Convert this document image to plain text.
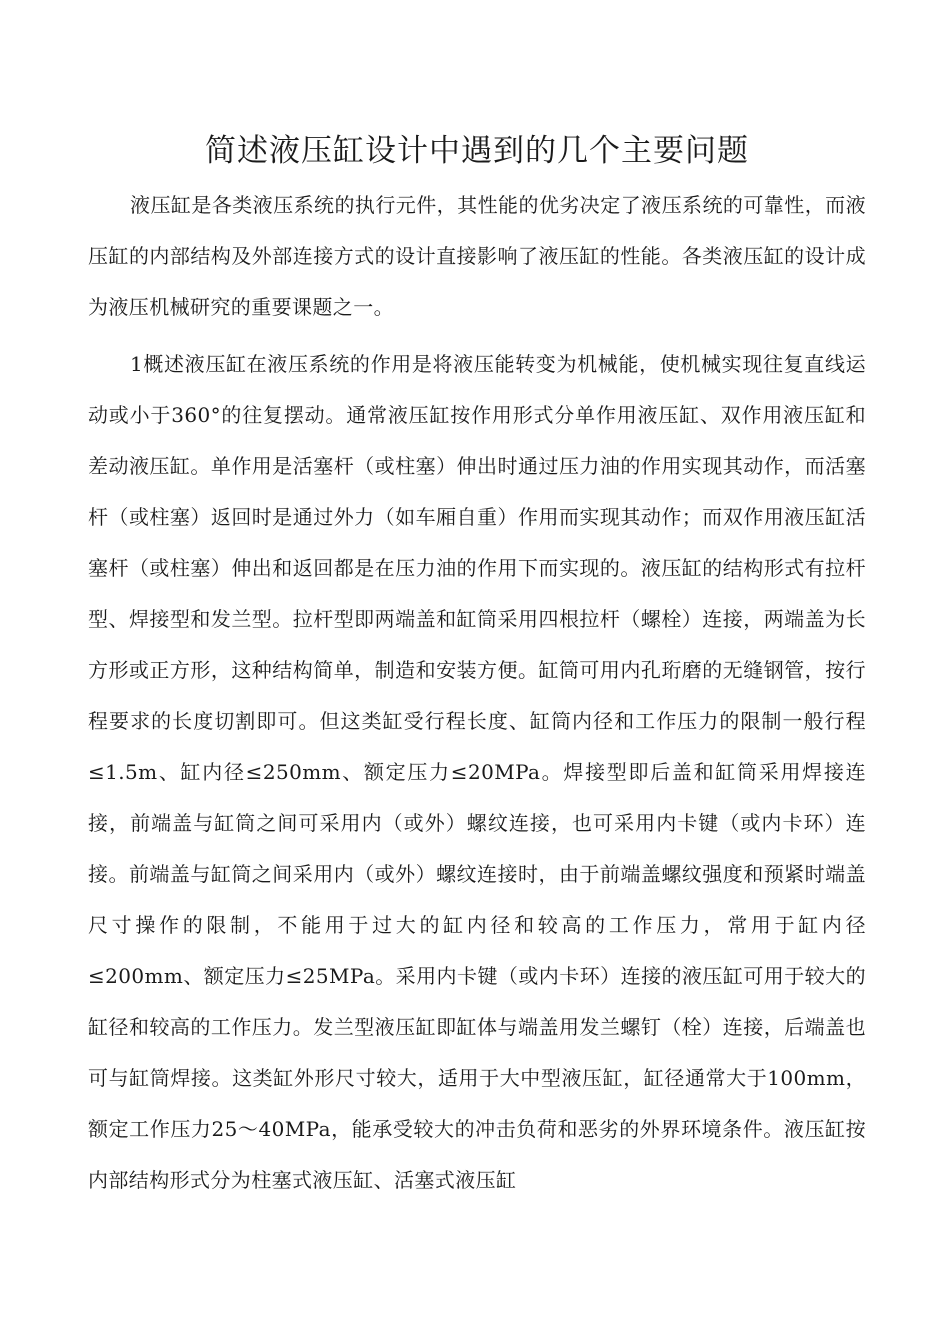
简述液压缸设计中遇到的几个主要问题

液压缸是各类液压系统的执行元件，其性能的优劣决定了液压系统的可靠性，而液压缸的内部结构及外部连接方式的设计直接影响了液压缸的性能。各类液压缸的设计成为液压机械研究的重要课题之一。

1概述液压缸在液压系统的作用是将液压能转变为机械能，使机械实现往复直线运动或小于360°的往复摆动。通常液压缸按作用形式分单作用液压缸、双作用液压缸和差动液压缸。单作用是活塞杆（或柱塞）伸出时通过压力油的作用实现其动作，而活塞杆（或柱塞）返回时是通过外力（如车厢自重）作用而实现其动作；而双作用液压缸活塞杆（或柱塞）伸出和返回都是在压力油的作用下而实现的。液压缸的结构形式有拉杆型、焊接型和发兰型。拉杆型即两端盖和缸筒采用四根拉杆（螺栓）连接，两端盖为长方形或正方形，这种结构简单，制造和安装方便。缸筒可用内孔珩磨的无缝钢管，按行程要求的长度切割即可。但这类缸受行程长度、缸筒内径和工作压力的限制一般行程≤1.5m、缸内径≤250mm、额定压力≤20MPa。焊接型即后盖和缸筒采用焊接连接，前端盖与缸筒之间可采用内（或外）螺纹连接，也可采用内卡键（或内卡环）连接。前端盖与缸筒之间采用内（或外）螺纹连接时，由于前端盖螺纹强度和预紧时端盖尺寸操作的限制，不能用于过大的缸内径和较高的工作压力，常用于缸内径≤200mm、额定压力≤25MPa。采用内卡键（或内卡环）连接的液压缸可用于较大的缸径和较高的工作压力。发兰型液压缸即缸体与端盖用发兰螺钉（栓）连接，后端盖也可与缸筒焊接。这类缸外形尺寸较大，适用于大中型液压缸，缸径通常大于100mm，额定工作压力25～40MPa，能承受较大的冲击负荷和恶劣的外界环境条件。液压缸按内部结构形式分为柱塞式液压缸、活塞式液压缸
